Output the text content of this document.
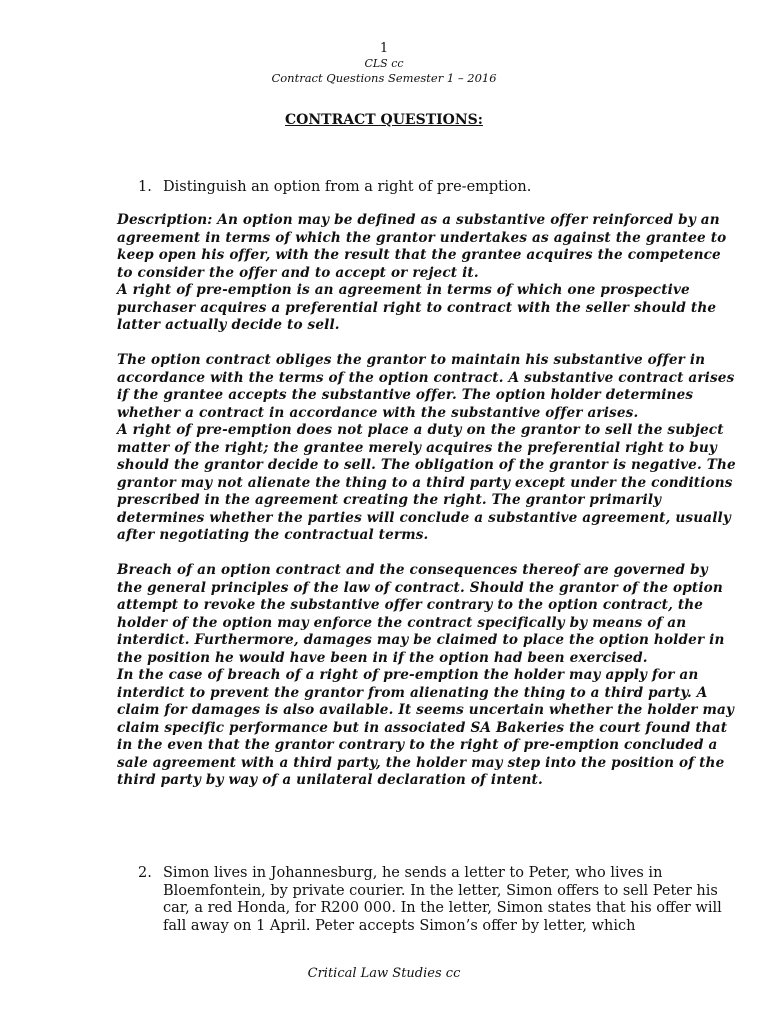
1
CLS cc
Contract Questions Semester 1 – 2016
CONTRACT QUESTIONS:
1. Distinguish an option from a right of pre-emption.

Description: An option may be defined as a substantive offer reinforced by an agreement in terms of which the grantor undertakes as against the grantee to keep open his offer, with the result that the grantee acquires the competence to consider the offer and to accept or reject it.

A right of pre-emption is an agreement in terms of which one prospective purchaser acquires a preferential right to contract with the seller should the latter actually decide to sell.

The option contract obliges the grantor to maintain his substantive offer in accordance with the terms of the option contract. A substantive contract arises if the grantee accepts the substantive offer. The option holder determines whether a contract in accordance with the substantive offer arises.

A right of pre-emption does not place a duty on the grantor to sell the subject matter of the right; the grantee merely acquires the preferential right to buy should the grantor decide to sell. The obligation of the grantor is negative. The grantor may not alienate the thing to a third party except under the conditions prescribed in the agreement creating the right. The grantor primarily determines whether the parties will conclude a substantive agreement, usually after negotiating the contractual terms.

Breach of an option contract and the consequences thereof are governed by the general principles of the law of contract. Should the grantor of the option attempt to revoke the substantive offer contrary to the option contract, the holder of the option may enforce the contract specifically by means of an interdict. Furthermore, damages may be claimed to place the option holder in the position he would have been in if the option had been exercised.

In the case of breach of a right of pre-emption the holder may apply for an interdict to prevent the grantor from alienating the thing to a third party. A claim for damages is also available. It seems uncertain whether the holder may claim specific performance but in associated SA Bakeries the court found that in the even that the grantor contrary to the right of pre-emption concluded a sale agreement with a third party, the holder may step into the position of the third party by way of a unilateral declaration of intent.

2. Simon lives in Johannesburg, he sends a letter to Peter, who lives in Bloemfontein, by private courier. In the letter, Simon offers to sell Peter his car, a red Honda, for R200 000. In the letter, Simon states that his offer will fall away on 1 April. Peter accepts Simon’s offer by letter, which
Critical Law Studies cc
